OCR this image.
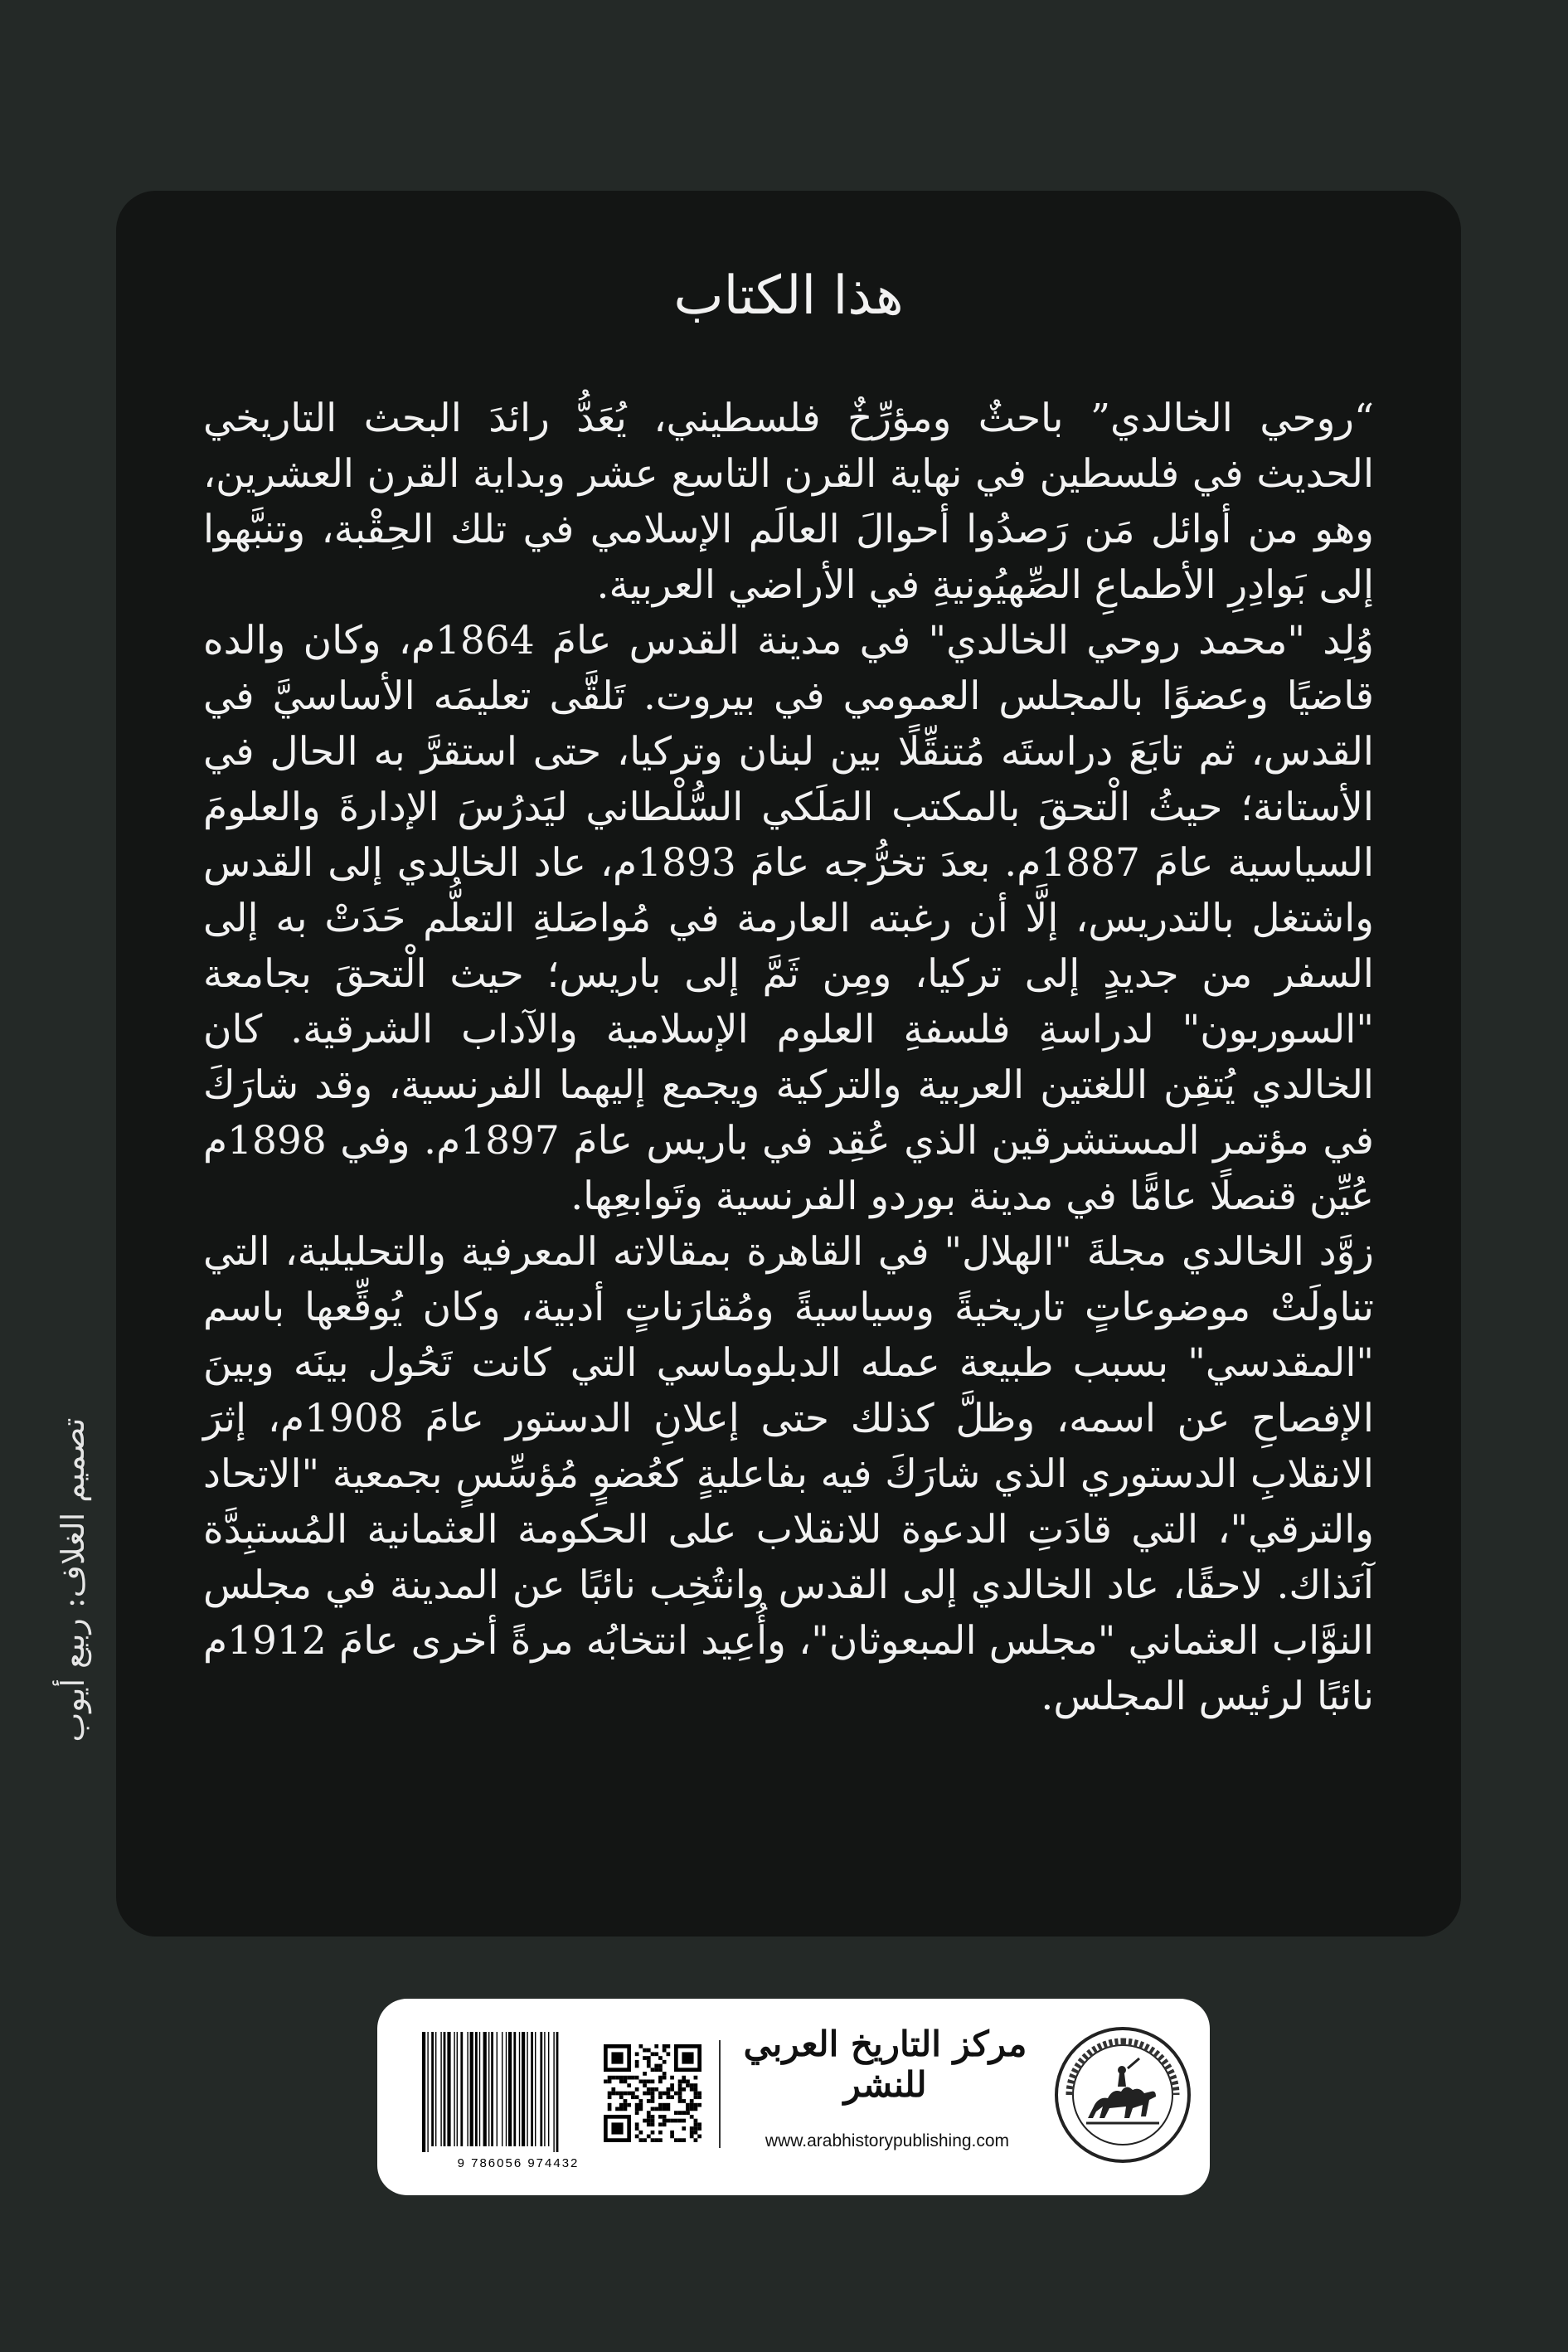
هذا الكتاب

“روحي الخالدي” باحثٌ ومؤرِّخٌ فلسطيني، يُعَدُّ رائدَ البحث التاريخي الحديث في فلسطين في نهاية القرن التاسع عشر وبداية القرن العشرين، وهو من أوائل مَن رَصدُوا أحوالَ العالَم الإسلامي في تلك الحِقْبة، وتنبَّهوا إلى بَوادِرِ الأطماعِ الصِّهيُونيةِ في الأراضي العربية.

وُلِد "محمد روحي الخالدي" في مدينة القدس عامَ 1864م، وكان والده قاضيًا وعضوًا بالمجلس العمومي في بيروت. تَلقَّى تعليمَه الأساسيَّ في القدس، ثم تابَعَ دراستَه مُتنقِّلًا بين لبنان وتركيا، حتى استقرَّ به الحال في الأستانة؛ حيثُ الْتحقَ بالمكتب المَلَكي السُّلْطاني ليَدرُسَ الإدارةَ والعلومَ السياسية عامَ 1887م. بعدَ تخرُّجه عامَ 1893م، عاد الخالدي إلى القدس واشتغل بالتدريس، إلَّا أن رغبته العارمة في مُواصَلةِ التعلُّم حَدَتْ به إلى السفر من جديدٍ إلى تركيا، ومِن ثَمَّ إلى باريس؛ حيث الْتحقَ بجامعة "السوربون" لدراسةِ فلسفةِ العلوم الإسلامية والآداب الشرقية. كان الخالدي يُتقِن اللغتين العربية والتركية ويجمع إليهما الفرنسية، وقد شارَكَ في مؤتمر المستشرقين الذي عُقِد في باريس عامَ 1897م. وفي 1898م عُيِّن قنصلًا عامًّا في مدينة بوردو الفرنسية وتَوابعِها.

زوَّد الخالدي مجلةَ "الهلال" في القاهرة بمقالاته المعرفية والتحليلية، التي تناولَتْ موضوعاتٍ تاريخيةً وسياسيةً ومُقارَناتٍ أدبية، وكان يُوقِّعها باسم "المقدسي" بسبب طبيعة عمله الدبلوماسي التي كانت تَحُول بينَه وبينَ الإفصاحِ عن اسمه، وظلَّ كذلك حتى إعلانِ الدستور عامَ 1908م، إثرَ الانقلابِ الدستوري الذي شارَكَ فيه بفاعليةٍ كعُضوٍ مُؤسِّسٍ بجمعية "الاتحاد والترقي"، التي قادَتِ الدعوة للانقلاب على الحكومة العثمانية المُستبِدَّة آنَذاك. لاحقًا، عاد الخالدي إلى القدس وانتُخِب نائبًا عن المدينة في مجلس النوَّاب العثماني "مجلس المبعوثان"، وأُعِيد انتخابُه مرةً أخرى عامَ 1912م نائبًا لرئيس المجلس.

تصميم الغلاف: ربيع أيوب
9 786056 974432
مركز التاريخ العربي للنشر
www.arabhistorypublishing.com
